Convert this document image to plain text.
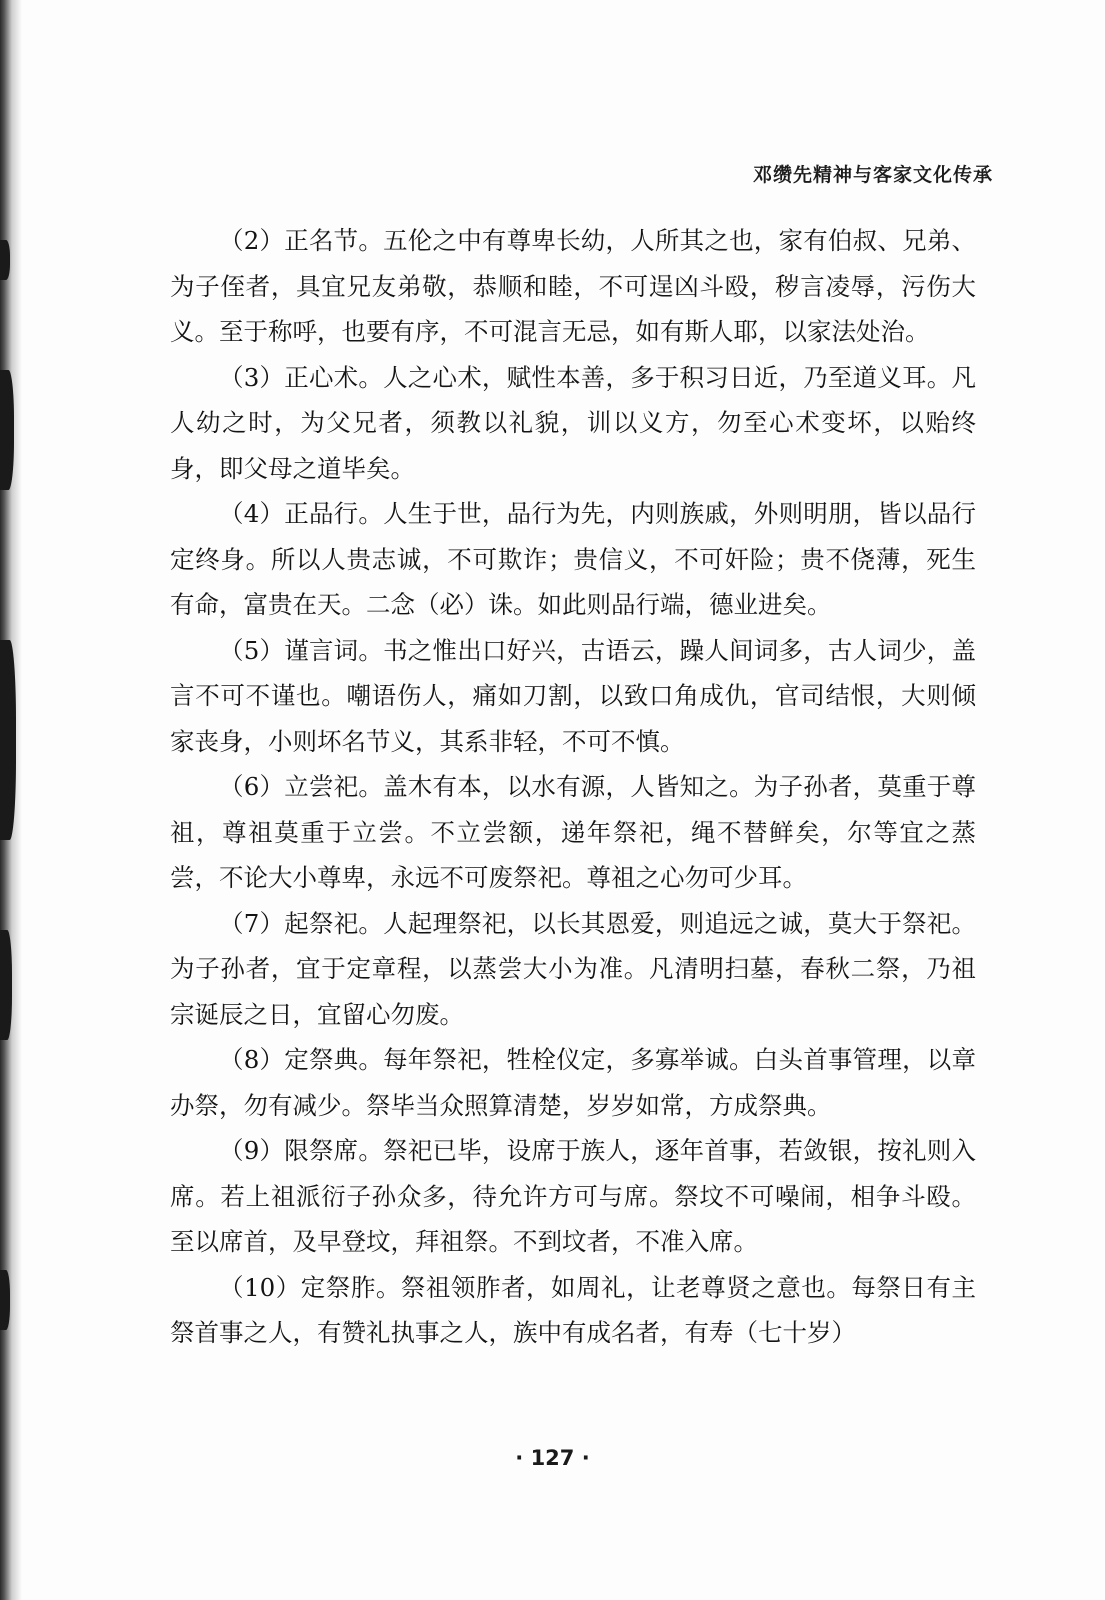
邓缵先精神与客家文化传承

（2）正名节。五伦之中有尊卑长幼，人所其之也，家有伯叔、兄弟、为子侄者，具宜兄友弟敬，恭顺和睦，不可逞凶斗殴，秽言凌辱，污伤大义。至于称呼，也要有序，不可混言无忌，如有斯人耶，以家法处治。

（3）正心术。人之心术，赋性本善，多于积习日近，乃至道义耳。凡人幼之时，为父兄者，须教以礼貌，训以义方，勿至心术变坏，以贻终身，即父母之道毕矣。

（4）正品行。人生于世，品行为先，内则族戚，外则明朋，皆以品行定终身。所以人贵志诚，不可欺诈；贵信义，不可奸险；贵不侥薄，死生有命，富贵在天。二念（必）诛。如此则品行端，德业进矣。

（5）谨言词。书之惟出口好兴，古语云，躁人间词多，古人词少，盖言不可不谨也。嘲语伤人，痛如刀割，以致口角成仇，官司结恨，大则倾家丧身，小则坏名节义，其系非轻，不可不慎。

（6）立尝祀。盖木有本，以水有源，人皆知之。为子孙者，莫重于尊祖，尊祖莫重于立尝。不立尝额，递年祭祀，绳不替鲜矣，尔等宜之蒸尝，不论大小尊卑，永远不可废祭祀。尊祖之心勿可少耳。

（7）起祭祀。人起理祭祀，以长其恩爱，则追远之诚，莫大于祭祀。为子孙者，宜于定章程，以蒸尝大小为准。凡清明扫墓，春秋二祭，乃祖宗诞辰之日，宜留心勿废。

（8）定祭典。每年祭祀，牲栓仪定，多寡举诚。白头首事管理，以章办祭，勿有减少。祭毕当众照算清楚，岁岁如常，方成祭典。

（9）限祭席。祭祀已毕，设席于族人，逐年首事，若敛银，按礼则入席。若上祖派衍子孙众多，待允许方可与席。祭坟不可噪闹，相争斗殴。至以席首，及早登坟，拜祖祭。不到坟者，不准入席。

（10）定祭胙。祭祖领胙者，如周礼，让老尊贤之意也。每祭日有主祭首事之人，有赞礼执事之人，族中有成名者，有寿（七十岁）

· 127 ·
